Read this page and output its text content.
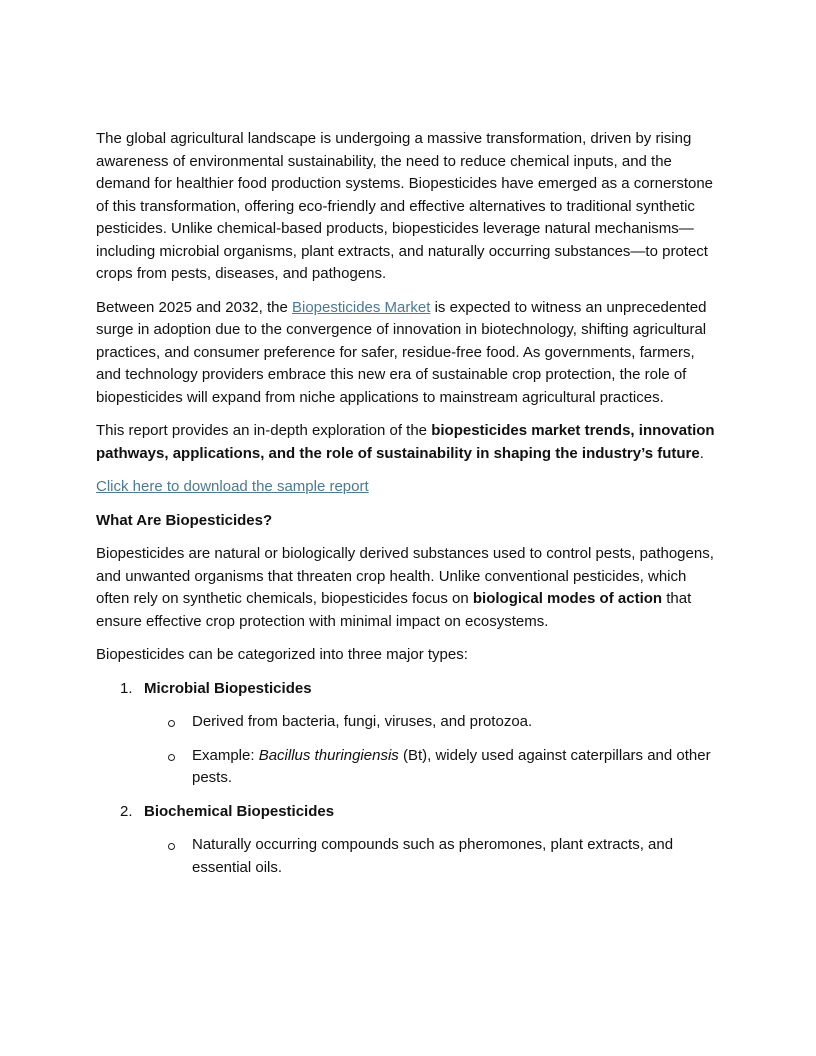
The global agricultural landscape is undergoing a massive transformation, driven by rising awareness of environmental sustainability, the need to reduce chemical inputs, and the demand for healthier food production systems. Biopesticides have emerged as a cornerstone of this transformation, offering eco-friendly and effective alternatives to traditional synthetic pesticides. Unlike chemical-based products, biopesticides leverage natural mechanisms—including microbial organisms, plant extracts, and naturally occurring substances—to protect crops from pests, diseases, and pathogens.

Between 2025 and 2032, the Biopesticides Market is expected to witness an unprecedented surge in adoption due to the convergence of innovation in biotechnology, shifting agricultural practices, and consumer preference for safer, residue-free food. As governments, farmers, and technology providers embrace this new era of sustainable crop protection, the role of biopesticides will expand from niche applications to mainstream agricultural practices.

This report provides an in-depth exploration of the biopesticides market trends, innovation pathways, applications, and the role of sustainability in shaping the industry’s future.

Click here to download the sample report

What Are Biopesticides?

Biopesticides are natural or biologically derived substances used to control pests, pathogens, and unwanted organisms that threaten crop health. Unlike conventional pesticides, which often rely on synthetic chemicals, biopesticides focus on biological modes of action that ensure effective crop protection with minimal impact on ecosystems.

Biopesticides can be categorized into three major types:

1. Microbial Biopesticides
Derived from bacteria, fungi, viruses, and protozoa.
Example: Bacillus thuringiensis (Bt), widely used against caterpillars and other pests.
2. Biochemical Biopesticides
Naturally occurring compounds such as pheromones, plant extracts, and essential oils.
